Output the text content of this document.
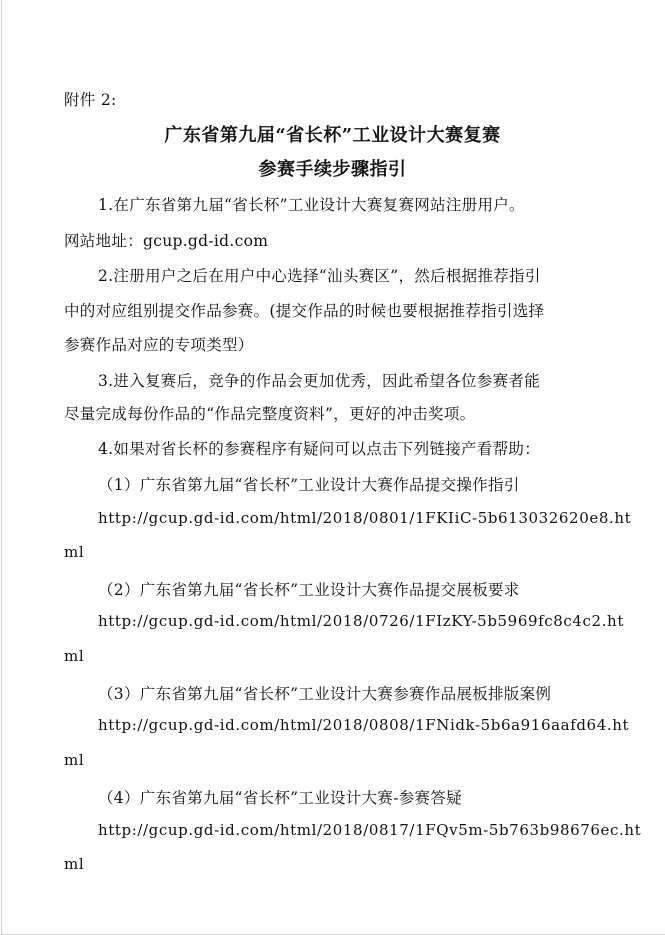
附件 2:
广东省第九届“省长杯”工业设计大赛复赛
参赛手续步骤指引
1.在广东省第九届“省长杯”工业设计大赛复赛网站注册用户。
网站地址：gcup.gd-id.com
2.注册用户之后在用户中心选择“汕头赛区”，然后根据推荐指引
中的对应组别提交作品参赛。(提交作品的时候也要根据推荐指引选择
参赛作品对应的专项类型）
3.进入复赛后，竞争的作品会更加优秀，因此希望各位参赛者能
尽量完成每份作品的“作品完整度资料”，更好的冲击奖项。
4.如果对省长杯的参赛程序有疑问可以点击下列链接产看帮助：
（1）广东省第九届“省长杯”工业设计大赛作品提交操作指引
http://gcup.gd-id.com/html/2018/0801/1FKIiC-5b613032620e8.ht
ml
（2）广东省第九届“省长杯”工业设计大赛作品提交展板要求
http://gcup.gd-id.com/html/2018/0726/1FIzKY-5b5969fc8c4c2.ht
ml
（3）广东省第九届“省长杯”工业设计大赛参赛作品展板排版案例
http://gcup.gd-id.com/html/2018/0808/1FNidk-5b6a916aafd64.ht
ml
（4）广东省第九届“省长杯”工业设计大赛-参赛答疑
http://gcup.gd-id.com/html/2018/0817/1FQv5m-5b763b98676ec.ht
ml
